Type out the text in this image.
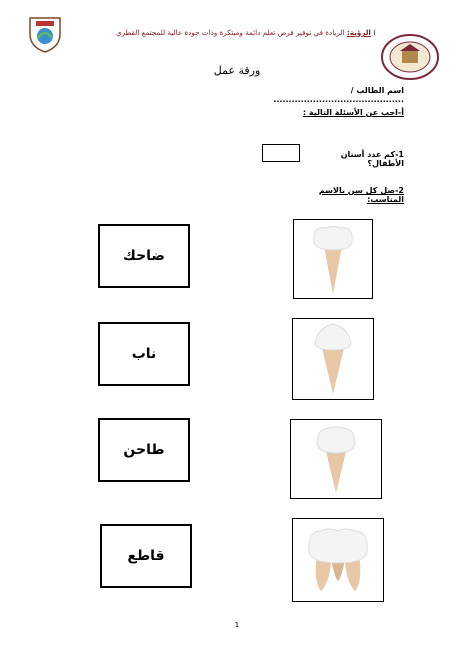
) الرؤية: الريادة في توفير فرص تعلم دائمة ومبتكرة وذات جودة عالية للمجتمع القطري
ورقة عمل
اسم الطالب / ...........................................
أ-اجب عن الأسئلة التالية :
1-كم عدد أسنان الأطفال؟
2-صل كل سن بالاسم المناسب:
ضاحك
ناب
طاحن
قاطع
1
